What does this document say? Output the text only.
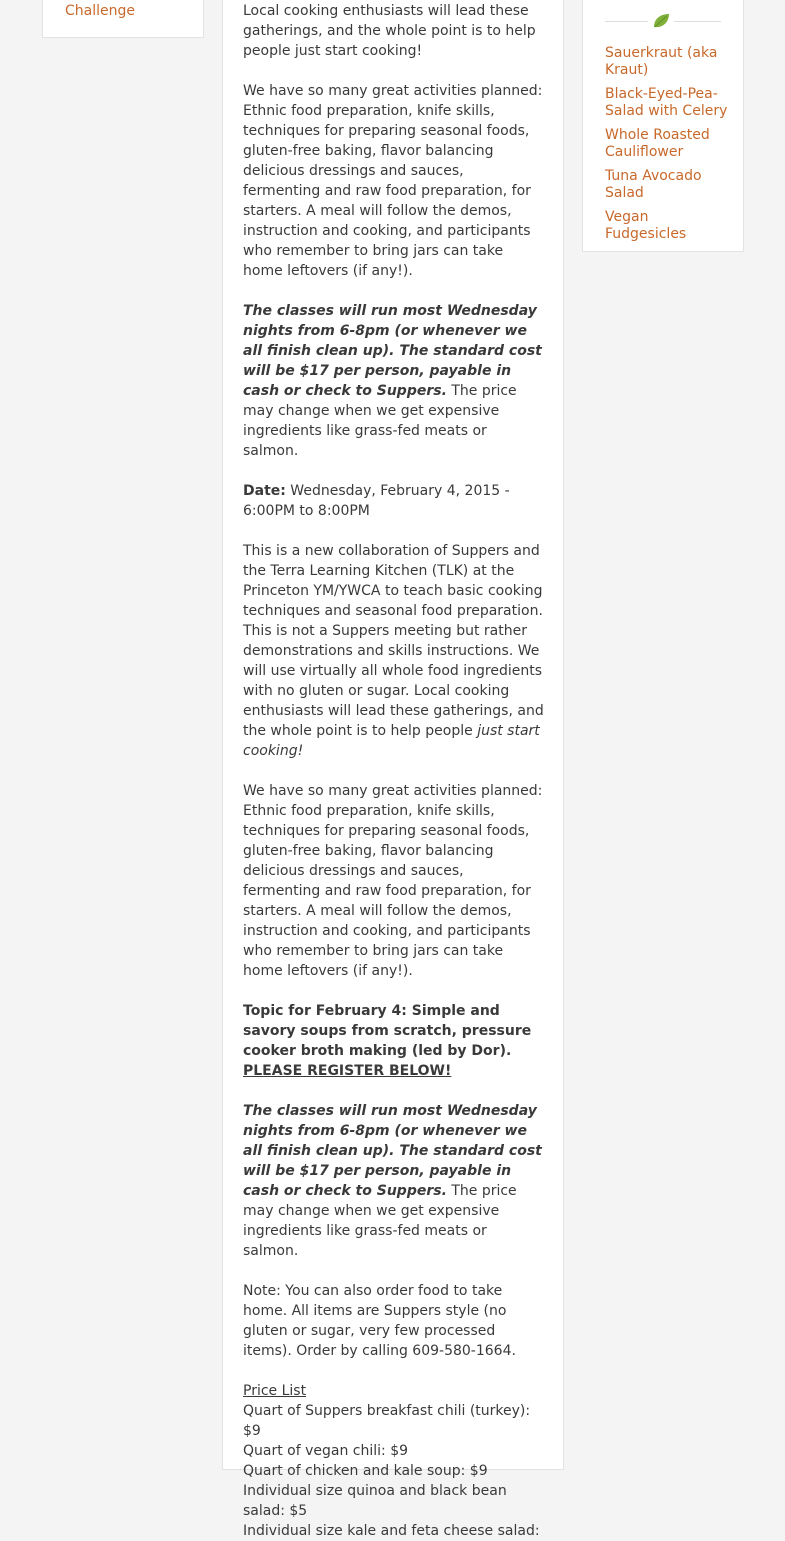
Challenge	Local cooking enthusiasts will lead these gatherings, and the whole point is to help people just start cooking!

We have so many great activities planned: Ethnic food preparation, knife skills, techniques for preparing seasonal foods, gluten-free baking, flavor balancing delicious dressings and sauces, fermenting and raw food preparation, for starters. A meal will follow the demos, instruction and cooking, and participants who remember to bring jars can take home leftovers (if any!).

The classes will run most Wednesday nights from 6-8pm (or whenever we all finish clean up). The standard cost will be $17 per person, payable in cash or check to Suppers. The price may change when we get expensive ingredients like grass-fed meats or salmon.

Date: Wednesday, February 4, 2015 - 6:00PM to 8:00PM

This is a new collaboration of Suppers and the Terra Learning Kitchen (TLK) at the Princeton YM/YWCA to teach basic cooking techniques and seasonal food preparation. This is not a Suppers meeting but rather demonstrations and skills instructions. We will use virtually all whole food ingredients with no gluten or sugar. Local cooking enthusiasts will lead these gatherings, and the whole point is to help people just start cooking!

We have so many great activities planned: Ethnic food preparation, knife skills, techniques for preparing seasonal foods, gluten-free baking, flavor balancing delicious dressings and sauces, fermenting and raw food preparation, for starters. A meal will follow the demos, instruction and cooking, and participants who remember to bring jars can take home leftovers (if any!).

Topic for February 4: Simple and savory soups from scratch, pressure cooker broth making (led by Dor). PLEASE REGISTER BELOW!

The classes will run most Wednesday nights from 6-8pm (or whenever we all finish clean up). The standard cost will be $17 per person, payable in cash or check to Suppers. The price may change when we get expensive ingredients like grass-fed meats or salmon.

Note: You can also order food to take home. All items are Suppers style (no gluten or sugar, very few processed items). Order by calling 609-580-1664.

Price List

Quart of Suppers breakfast chili (turkey): $9

Quart of vegan chili: $9

Quart of chicken and kale soup: $9

Individual size quinoa and black bean salad: $5

Individual size kale and feta cheese salad:

Sauerkraut (aka Kraut)
Black-Eyed-Pea-Salad with Celery
Whole Roasted Cauliflower
Tuna Avocado Salad
Vegan Fudgesicles
